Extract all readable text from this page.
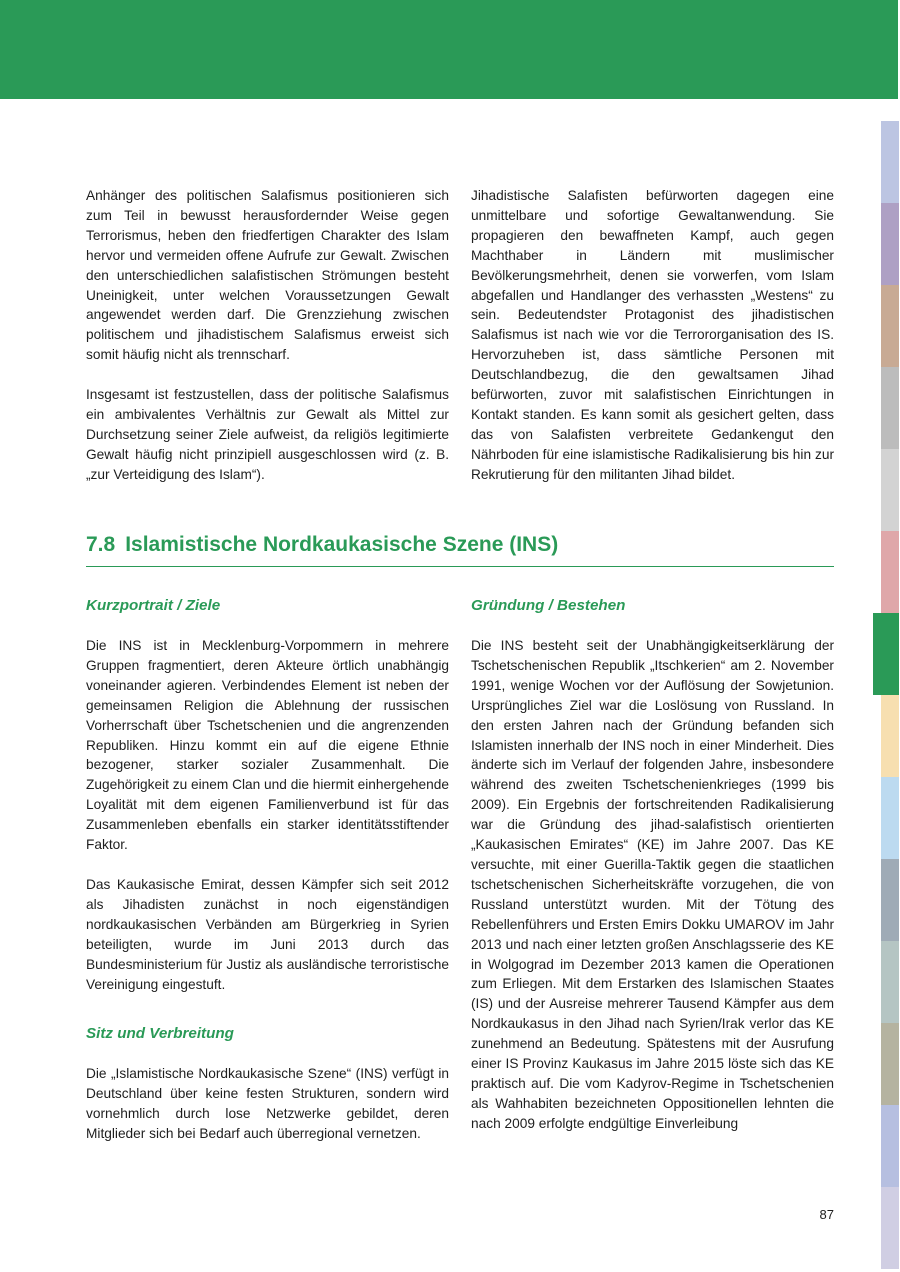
Anhänger des politischen Salafismus positionieren sich zum Teil in bewusst herausfordernder Weise gegen Terrorismus, heben den friedfertigen Charakter des Islam hervor und vermeiden offene Aufrufe zur Gewalt. Zwischen den unterschiedlichen salafistischen Strömungen besteht Uneinigkeit, unter welchen Voraussetzungen Gewalt angewendet werden darf. Die Grenzziehung zwischen politischem und jihadistischem Salafismus erweist sich somit häufig nicht als trennscharf.

Insgesamt ist festzustellen, dass der politische Salafismus ein ambivalentes Verhältnis zur Gewalt als Mittel zur Durchsetzung seiner Ziele aufweist, da religiös legitimierte Gewalt häufig nicht prinzipiell ausgeschlossen wird (z. B. „zur Verteidigung des Islam“).

Jihadistische Salafisten befürworten dagegen eine unmittelbare und sofortige Gewaltanwendung. Sie propagieren den bewaffneten Kampf, auch gegen Machthaber in Ländern mit muslimischer Bevölkerungsmehrheit, denen sie vorwerfen, vom Islam abgefallen und Handlanger des verhassten „Westens“ zu sein. Bedeutendster Protagonist des jihadistischen Salafismus ist nach wie vor die Terrororganisation des IS. Hervorzuheben ist, dass sämtliche Personen mit Deutschlandbezug, die den gewaltsamen Jihad befürworten, zuvor mit salafistischen Einrichtungen in Kontakt standen. Es kann somit als gesichert gelten, dass das von Salafisten verbreitete Gedankengut den Nährboden für eine islamistische Radikalisierung bis hin zur Rekrutierung für den militanten Jihad bildet.

7.8 Islamistische Nordkaukasische Szene (INS)
Kurzportrait / Ziele

Die INS ist in Mecklenburg-Vorpommern in mehrere Gruppen fragmentiert, deren Akteure örtlich unabhängig voneinander agieren. Verbindendes Element ist neben der gemeinsamen Religion die Ablehnung der russischen Vorherrschaft über Tschetschenien und die angrenzenden Republiken. Hinzu kommt ein auf die eigene Ethnie bezogener, starker sozialer Zusammenhalt. Die Zugehörigkeit zu einem Clan und die hiermit einhergehende Loyalität mit dem eigenen Familienverbund ist für das Zusammenleben ebenfalls ein starker identitätsstiftender Faktor.

Das Kaukasische Emirat, dessen Kämpfer sich seit 2012 als Jihadisten zunächst in noch eigenständigen nordkaukasischen Verbänden am Bürgerkrieg in Syrien beteiligten, wurde im Juni 2013 durch das Bundesministerium für Justiz als ausländische terroristische Vereinigung eingestuft.

Sitz und Verbreitung

Die „Islamistische Nordkaukasische Szene“ (INS) verfügt in Deutschland über keine festen Strukturen, sondern wird vornehmlich durch lose Netzwerke gebildet, deren Mitglieder sich bei Bedarf auch überregional vernetzen.

Gründung / Bestehen

Die INS besteht seit der Unabhängigkeitserklärung der Tschetschenischen Republik „Itschkerien“ am 2. November 1991, wenige Wochen vor der Auflösung der Sowjetunion. Ursprüngliches Ziel war die Loslösung von Russland. In den ersten Jahren nach der Gründung befanden sich Islamisten innerhalb der INS noch in einer Minderheit. Dies änderte sich im Verlauf der folgenden Jahre, insbesondere während des zweiten Tschetschenienkrieges (1999 bis 2009). Ein Ergebnis der fortschreitenden Radikalisierung war die Gründung des jihad-salafistisch orientierten „Kaukasischen Emirates“ (KE) im Jahre 2007. Das KE versuchte, mit einer Guerilla-Taktik gegen die staatlichen tschetschenischen Sicherheitskräfte vorzugehen, die von Russland unterstützt wurden. Mit der Tötung des Rebellenführers und Ersten Emirs Dokku UMAROV im Jahr 2013 und nach einer letzten großen Anschlagsserie des KE in Wolgograd im Dezember 2013 kamen die Operationen zum Erliegen. Mit dem Erstarken des Islamischen Staates (IS) und der Ausreise mehrerer Tausend Kämpfer aus dem Nordkaukasus in den Jihad nach Syrien/Irak verlor das KE zunehmend an Bedeutung. Spätestens mit der Ausrufung einer IS Provinz Kaukasus im Jahre 2015 löste sich das KE praktisch auf. Die vom Kadyrov-Regime in Tschetschenien als Wahhabiten bezeichneten Oppositionellen lehnten die nach 2009 erfolgte endgültige Einverleibung

87
